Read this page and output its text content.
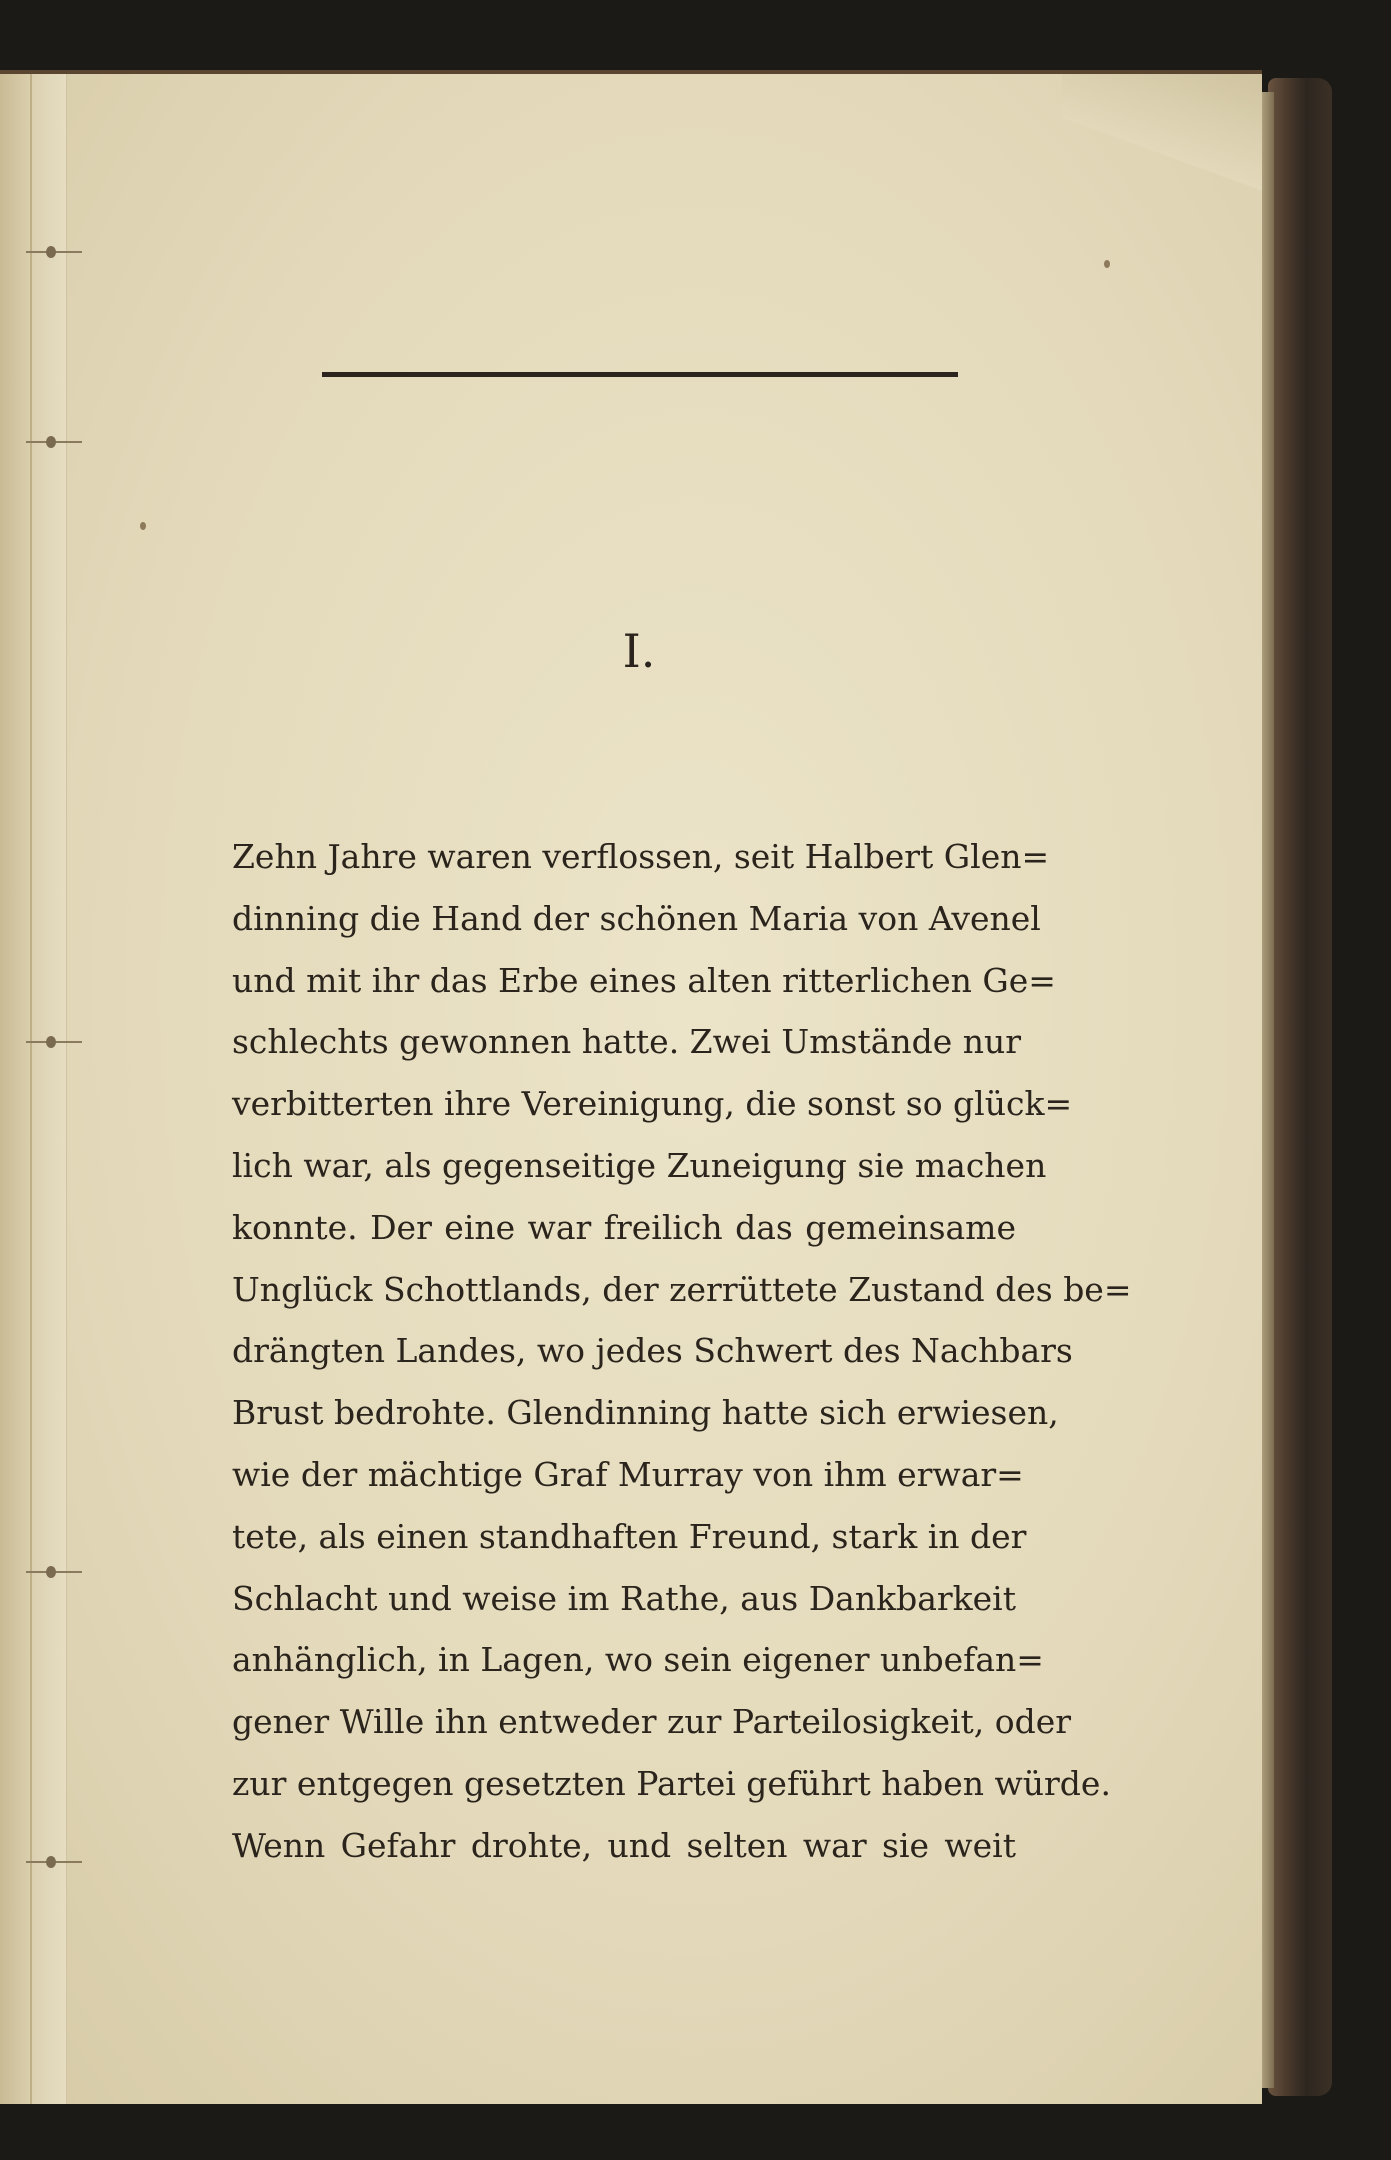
I.
Zehn Jahre waren verflossen, seit Halbert Glen=
dinning die Hand der schönen Maria von Avenel
und mit ihr das Erbe eines alten ritterlichen Ge=
schlechts gewonnen hatte. Zwei Umstände nur
verbitterten ihre Vereinigung, die sonst so glück=
lich war, als gegenseitige Zuneigung sie machen
konnte. Der eine war freilich das gemeinsame
Unglück Schottlands, der zerrüttete Zustand des be=
drängten Landes, wo jedes Schwert des Nachbars
Brust bedrohte. Glendinning hatte sich erwiesen,
wie der mächtige Graf Murray von ihm erwar=
tete, als einen standhaften Freund, stark in der
Schlacht und weise im Rathe, aus Dankbarkeit
anhänglich, in Lagen, wo sein eigener unbefan=
gener Wille ihn entweder zur Parteilosigkeit, oder
zur entgegen gesetzten Partei geführt haben würde.
Wenn Gefahr drohte, und selten war sie weit
